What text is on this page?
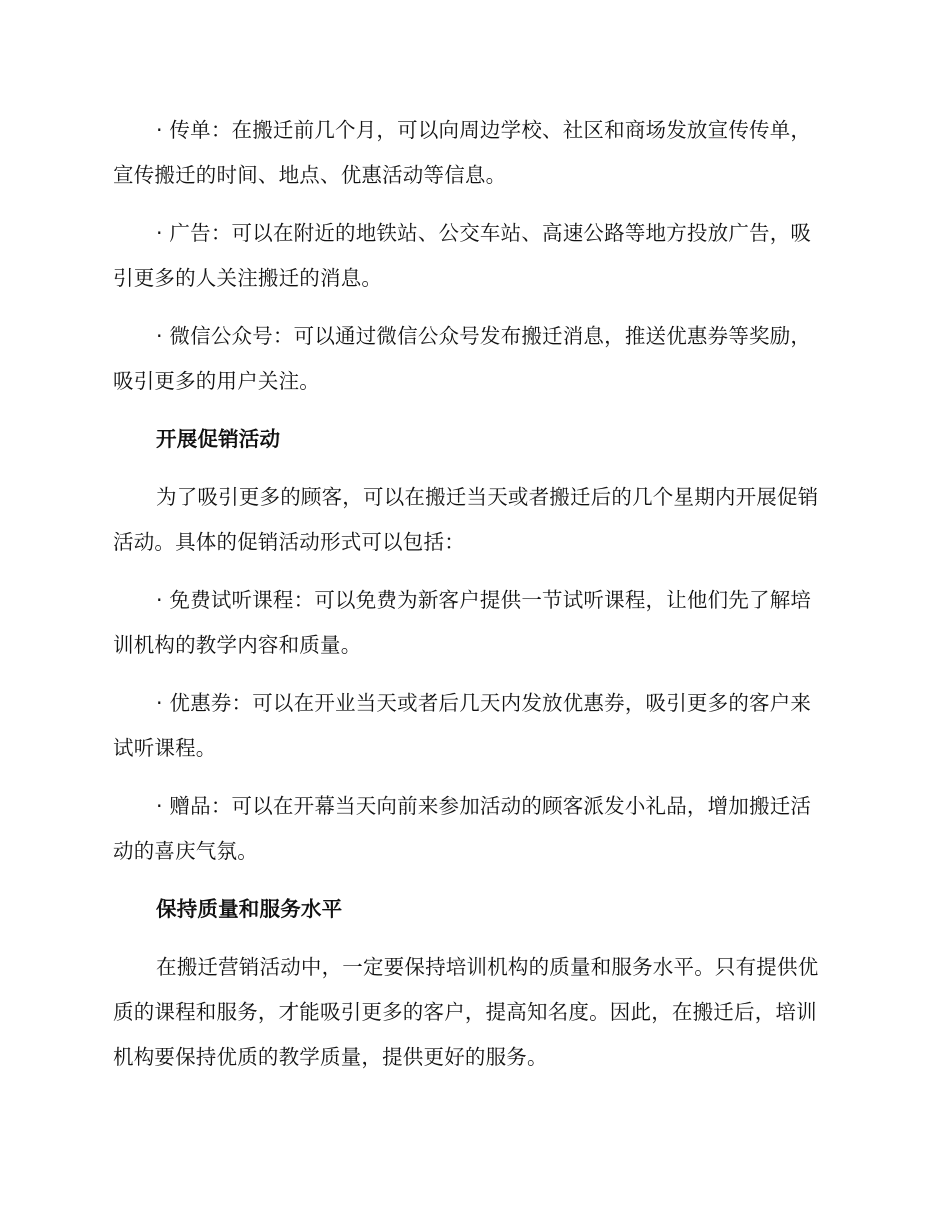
· 传单：在搬迁前几个月，可以向周边学校、社区和商场发放宣传传单，宣传搬迁的时间、地点、优惠活动等信息。

· 广告：可以在附近的地铁站、公交车站、高速公路等地方投放广告，吸引更多的人关注搬迁的消息。

· 微信公众号：可以通过微信公众号发布搬迁消息，推送优惠券等奖励，吸引更多的用户关注。

开展促销活动

为了吸引更多的顾客，可以在搬迁当天或者搬迁后的几个星期内开展促销活动。具体的促销活动形式可以包括：

· 免费试听课程：可以免费为新客户提供一节试听课程，让他们先了解培训机构的教学内容和质量。

· 优惠券：可以在开业当天或者后几天内发放优惠券，吸引更多的客户来试听课程。

· 赠品：可以在开幕当天向前来参加活动的顾客派发小礼品，增加搬迁活动的喜庆气氛。

保持质量和服务水平

在搬迁营销活动中，一定要保持培训机构的质量和服务水平。只有提供优质的课程和服务，才能吸引更多的客户，提高知名度。因此，在搬迁后，培训机构要保持优质的教学质量，提供更好的服务。
